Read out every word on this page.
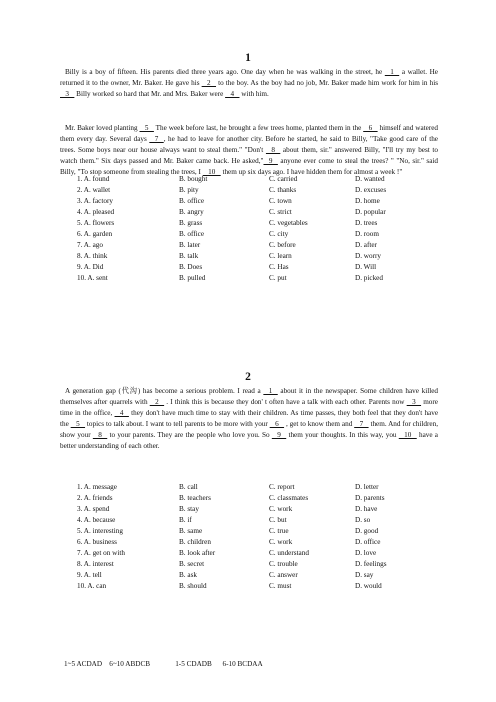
1
Billy is a boy of fifteen. His parents died three years ago. One day when he was walking in the street, he    1    a wallet. He returned it to the owner, Mr. Baker. He gave his    2    to the boy. As the boy had no job, Mr. Baker made him work for him in his    3    Billy worked so hard that Mr. and Mrs. Baker were    4    with him.
Mr. Baker loved planting    5    The week before last, he brought a few trees home, planted them in the    6    himself and watered them every day. Several days    7   , he had to leave for another city. Before he started, he said to Billy, "Take good care of the trees. Some boys near our house always want to steal them." "Don't    8    about them, sir." answered Billy, "I'll try my best to watch them." Six days passed and Mr. Baker came back. He asked,"   9    anyone ever come to steal the trees? " "No, sir." said Billy, "To stop someone from stealing the trees, I    10    them up six days ago. I have hidden them for almost a week !"
1. A. found	B. bought	C. carried	D. wanted
2. A. wallet	B. pity	C. thanks	D. excuses
3. A. factory	B. office	C. town	D. home
4. A. pleased	B. angry	C. strict	D. popular
5. A. flowers	B. grass	C. vegetables	D. trees
6. A. garden	B. office	C. city	D. room
7. A. ago	B. later	C. before	D. after
8. A. think	B. talk	C. learn	D. worry
9. A. Did	B. Does	C. Has	D. Will
10. A. sent	B. pulled	C. put	D. picked
2
A generation gap (代沟) has become a serious problem. I read a    1    about it in the newspaper. Some children have killed themselves after quarrels with    2    . I think this is because they don' t often have a talk with each other. Parents now    3    more time in the office,    4    they don't have much time to stay with their children. As time passes, they both feel that they don't have the    5    topics to talk about. I want to tell parents to be more with your    6    , get to know them and    7    them. And for children, show your    8    to your parents. They are the people who love you. So    9    them your thoughts. In this way, you    10    have a better understanding of each other.
1. A. message	B. call	C. report	D. letter
2. A. friends	B. teachers	C. classmates	D. parents
3. A. spend	B. stay	C. work	D. have
4. A. because	B. if	C. but	D. so
5. A. interesting	B. same	C. true	D. good
6. A. business	B. children	C. work	D. office
7. A. get on with	B. look after	C. understand	D. love
8. A. interest	B. secret	C. trouble	D. feelings
9. A. tell	B. ask	C. answer	D. say
10. A. can	B. should	C. must	D. would
1~5 ACDAD    6~10 ABDCB              1-5 CDADB      6-10 BCDAA
